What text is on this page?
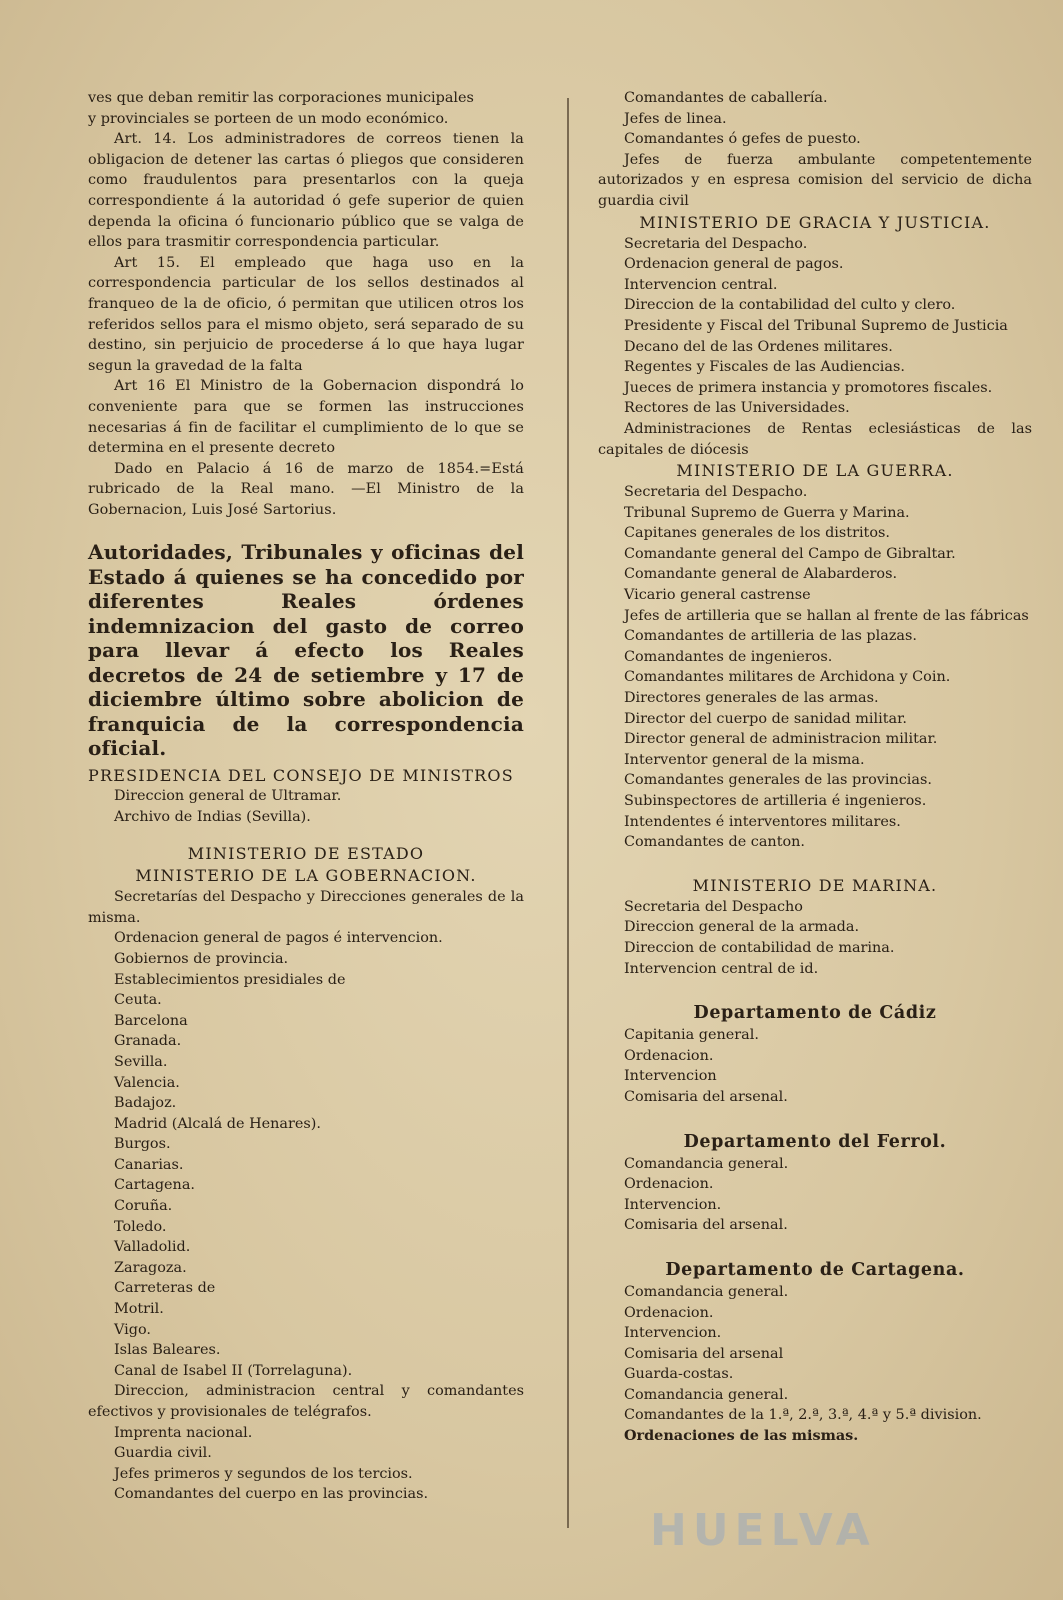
ves que deban remitir las corporaciones municipales
y provinciales se porteen de un modo económico.

Art. 14. Los administradores de correos tienen la obligacion de detener las cartas ó pliegos que consideren como fraudulentos para presentarlos con la queja correspondiente á la autoridad ó gefe superior de quien dependa la oficina ó funcionario público que se valga de ellos para trasmitir correspondencia particular.

Art 15. El empleado que haga uso en la correspondencia particular de los sellos destinados al franqueo de la de oficio, ó permitan que utilicen otros los referidos sellos para el mismo objeto, será separado de su destino, sin perjuicio de procederse á lo que haya lugar segun la gravedad de la falta

Art 16 El Ministro de la Gobernacion dispondrá lo conveniente para que se formen las instrucciones necesarias á fin de facilitar el cumplimiento de lo que se determina en el presente decreto

Dado en Palacio á 16 de marzo de 1854.=Está rubricado de la Real mano. —El Ministro de la Gobernacion, Luis José Sartorius.

Autoridades, Tribunales y oficinas del Estado á quienes se ha concedido por diferentes Reales órdenes indemnizacion del gasto de correo para llevar á efecto los Reales decretos de 24 de setiembre y 17 de diciembre último sobre abolicion de franquicia de la correspondencia oficial.

PRESIDENCIA DEL CONSEJO DE MINISTROS
Direccion general de Ultramar.
Archivo de Indias (Sevilla).
MINISTERIO DE ESTADO
MINISTERIO DE LA GOBERNACION.

Secretarías del Despacho y Direcciones generales de la misma.

Ordenacion general de pagos é intervencion.
Gobiernos de provincia.
Establecimientos presidiales de
Ceuta.
Barcelona
Granada.
Sevilla.
Valencia.
Badajoz.
Madrid (Alcalá de Henares).
Burgos.
Canarias.
Cartagena.
Coruña.
Toledo.
Valladolid.
Zaragoza.
Carreteras de
Motril.
Vigo.
Islas Baleares.
Canal de Isabel II (Torrelaguna).

Direccion, administracion central y comandantes efectivos y provisionales de telégrafos.

Imprenta nacional.
Guardia civil.
Jefes primeros y segundos de los tercios.
Comandantes del cuerpo en las provincias.
Comandantes de caballería.
Jefes de linea.
Comandantes ó gefes de puesto.

Jefes de fuerza ambulante competentemente autorizados y en espresa comision del servicio de dicha guardia civil

MINISTERIO DE GRACIA Y JUSTICIA.
Secretaria del Despacho.
Ordenacion general de pagos.
Intervencion central.
Direccion de la contabilidad del culto y clero.

Presidente y Fiscal del Tribunal Supremo de Justicia

Decano del de las Ordenes militares.
Regentes y Fiscales de las Audiencias.
Jueces de primera instancia y promotores fiscales.
Rectores de las Universidades.

Administraciones de Rentas eclesiásticas de las capitales de diócesis

MINISTERIO DE LA GUERRA.
Secretaria del Despacho.
Tribunal Supremo de Guerra y Marina.
Capitanes generales de los distritos.
Comandante general del Campo de Gibraltar.
Comandante general de Alabarderos.
Vicario general castrense

Jefes de artilleria que se hallan al frente de las fábricas

Comandantes de artilleria de las plazas.
Comandantes de ingenieros.
Comandantes militares de Archidona y Coin.
Directores generales de las armas.
Director del cuerpo de sanidad militar.
Director general de administracion militar.
Interventor general de la misma.
Comandantes generales de las provincias.
Subinspectores de artilleria é ingenieros.
Intendentes é interventores militares.
Comandantes de canton.
MINISTERIO DE MARINA.
Secretaria del Despacho
Direccion general de la armada.
Direccion de contabilidad de marina.
Intervencion central de id.
Departamento de Cádiz
Capitania general.
Ordenacion.
Intervencion
Comisaria del arsenal.
Departamento del Ferrol.
Comandancia general.
Ordenacion.
Intervencion.
Comisaria del arsenal.
Departamento de Cartagena.
Comandancia general.
Ordenacion.
Intervencion.
Comisaria del arsenal
Guarda-costas.
Comandancia general.

Comandantes de la 1.ª, 2.ª, 3.ª, 4.ª y 5.ª division.

Ordenaciones de las mismas.
HUELVA
